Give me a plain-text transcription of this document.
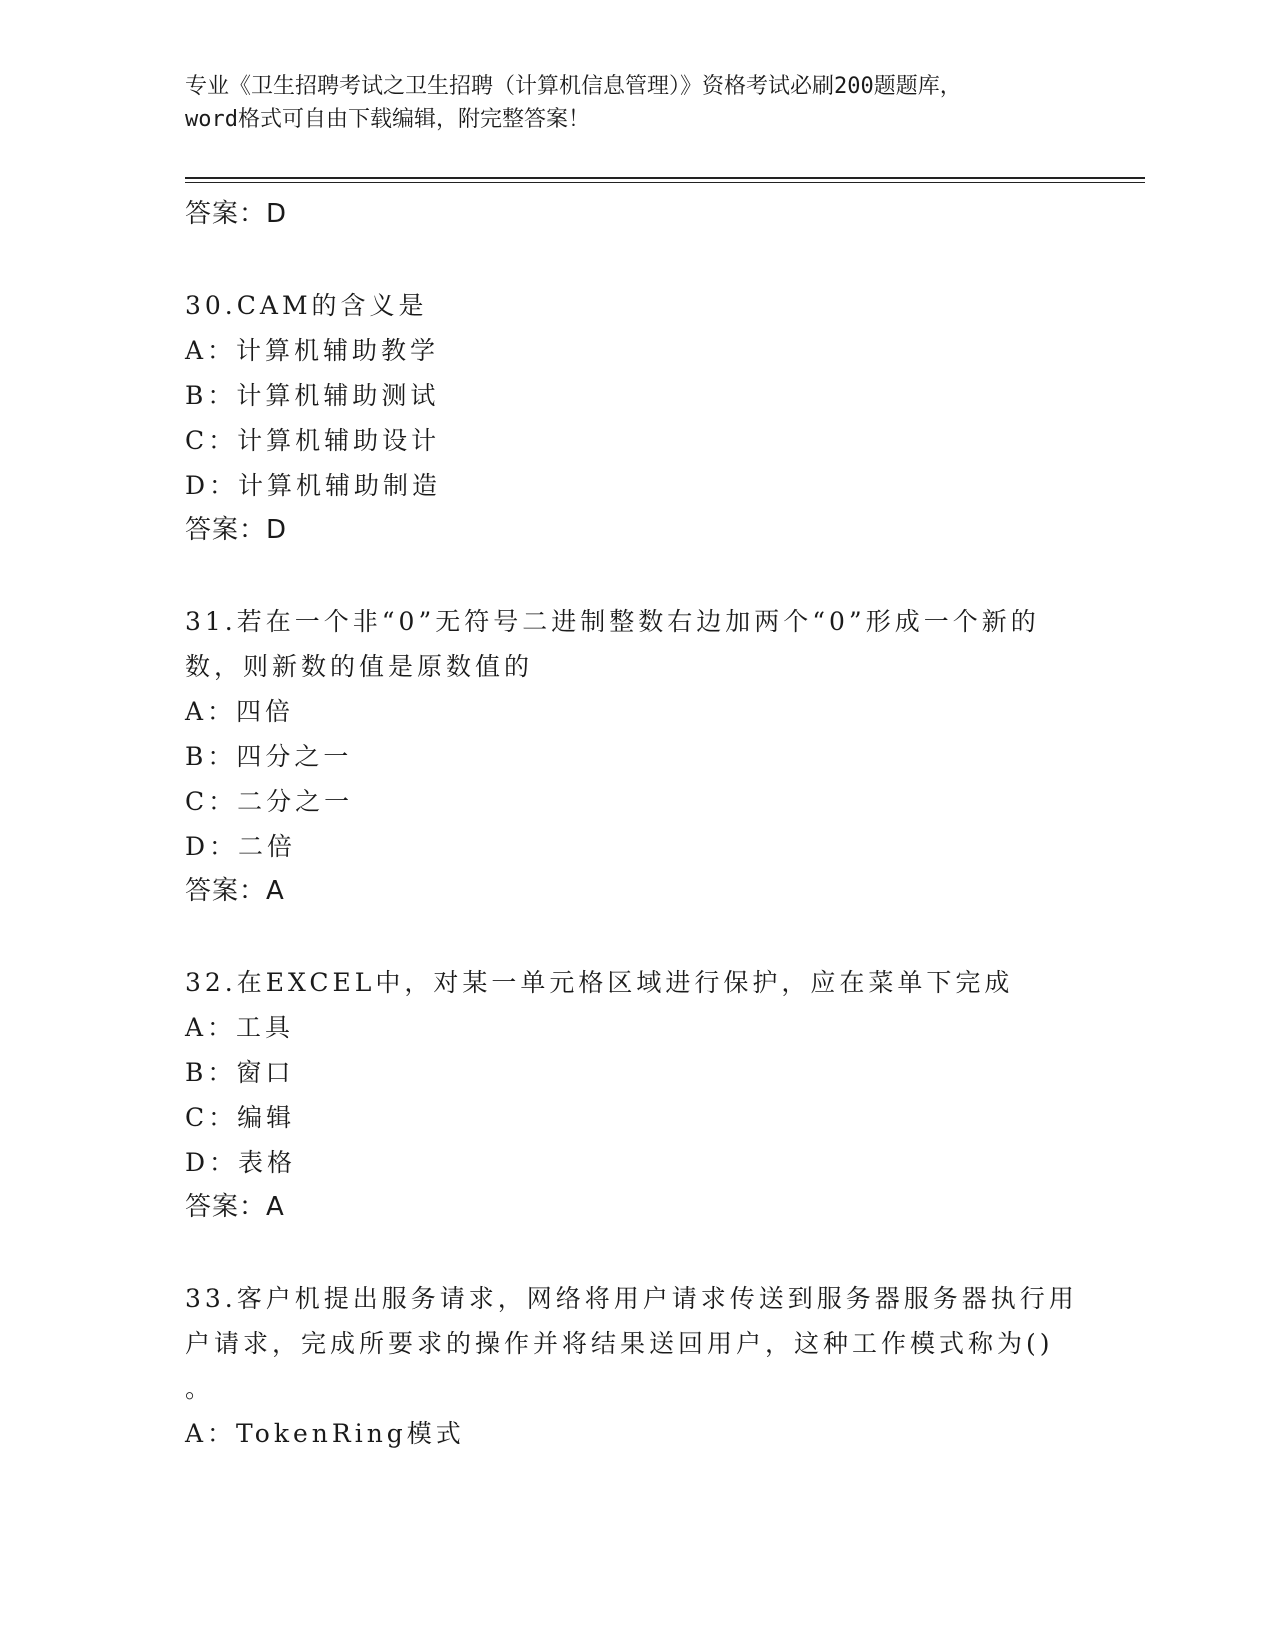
专业《卫生招聘考试之卫生招聘（计算机信息管理）》资格考试必刷200题题库，
word格式可自由下载编辑，附完整答案！
答案：D
30.CAM的含义是
A：计算机辅助教学
B：计算机辅助测试
C：计算机辅助设计
D：计算机辅助制造
答案：D
31.若在一个非“0”无符号二进制整数右边加两个“0”形成一个新的
数，则新数的值是原数值的
A：四倍
B：四分之一
C：二分之一
D：二倍
答案：A
32.在EXCEL中，对某一单元格区域进行保护，应在菜单下完成
A：工具
B：窗口
C：编辑
D：表格
答案：A
33.客户机提出服务请求，网络将用户请求传送到服务器服务器执行用
户请求，完成所要求的操作并将结果送回用户，这种工作模式称为()
。
A：TokenRing模式
